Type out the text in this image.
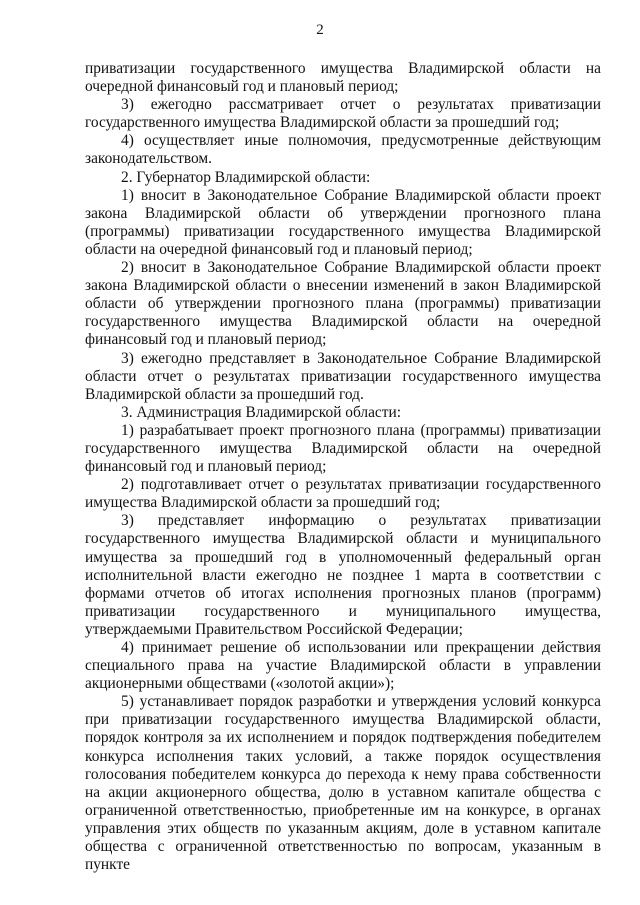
2

приватизации государственного имущества Владимирской области на очередной финансовый год и плановый период;

3) ежегодно рассматривает отчет о результатах приватизации государственного имущества Владимирской области за прошедший год;

4) осуществляет иные полномочия, предусмотренные действующим законодательством.

2. Губернатор Владимирской области:

1) вносит в Законодательное Собрание Владимирской области проект закона Владимирской области об утверждении прогнозного плана (программы) приватизации государственного имущества Владимирской области на очередной финансовый год и плановый период;

2) вносит в Законодательное Собрание Владимирской области проект закона Владимирской области о внесении изменений в закон Владимирской области об утверждении прогнозного плана (программы) приватизации государственного имущества Владимирской области на очередной финансовый год и плановый период;

3) ежегодно представляет в Законодательное Собрание Владимирской области отчет о результатах приватизации государственного имущества Владимирской области за прошедший год.

3. Администрация Владимирской области:

1) разрабатывает проект прогнозного плана (программы) приватизации государственного имущества Владимирской области на очередной финансовый год и плановый период;

2) подготавливает отчет о результатах приватизации государственного имущества Владимирской области за прошедший год;

3) представляет информацию о результатах приватизации государственного имущества Владимирской области и муниципального имущества за прошедший год в уполномоченный федеральный орган исполнительной власти ежегодно не позднее 1 марта в соответствии с формами отчетов об итогах исполнения прогнозных планов (программ) приватизации государственного и муниципального имущества, утверждаемыми Правительством Российской Федерации;

4) принимает решение об использовании или прекращении действия специального права на участие Владимирской области в управлении акционерными обществами («золотой акции»);

5) устанавливает порядок разработки и утверждения условий конкурса при приватизации государственного имущества Владимирской области, порядок контроля за их исполнением и порядок подтверждения победителем конкурса исполнения таких условий, а также порядок осуществления голосования победителем конкурса до перехода к нему права собственности на акции акционерного общества, долю в уставном капитале общества с ограниченной ответственностью, приобретенные им на конкурсе, в органах управления этих обществ по указанным акциям, доле в уставном капитале общества с ограниченной ответственностью по вопросам, указанным в пункте
